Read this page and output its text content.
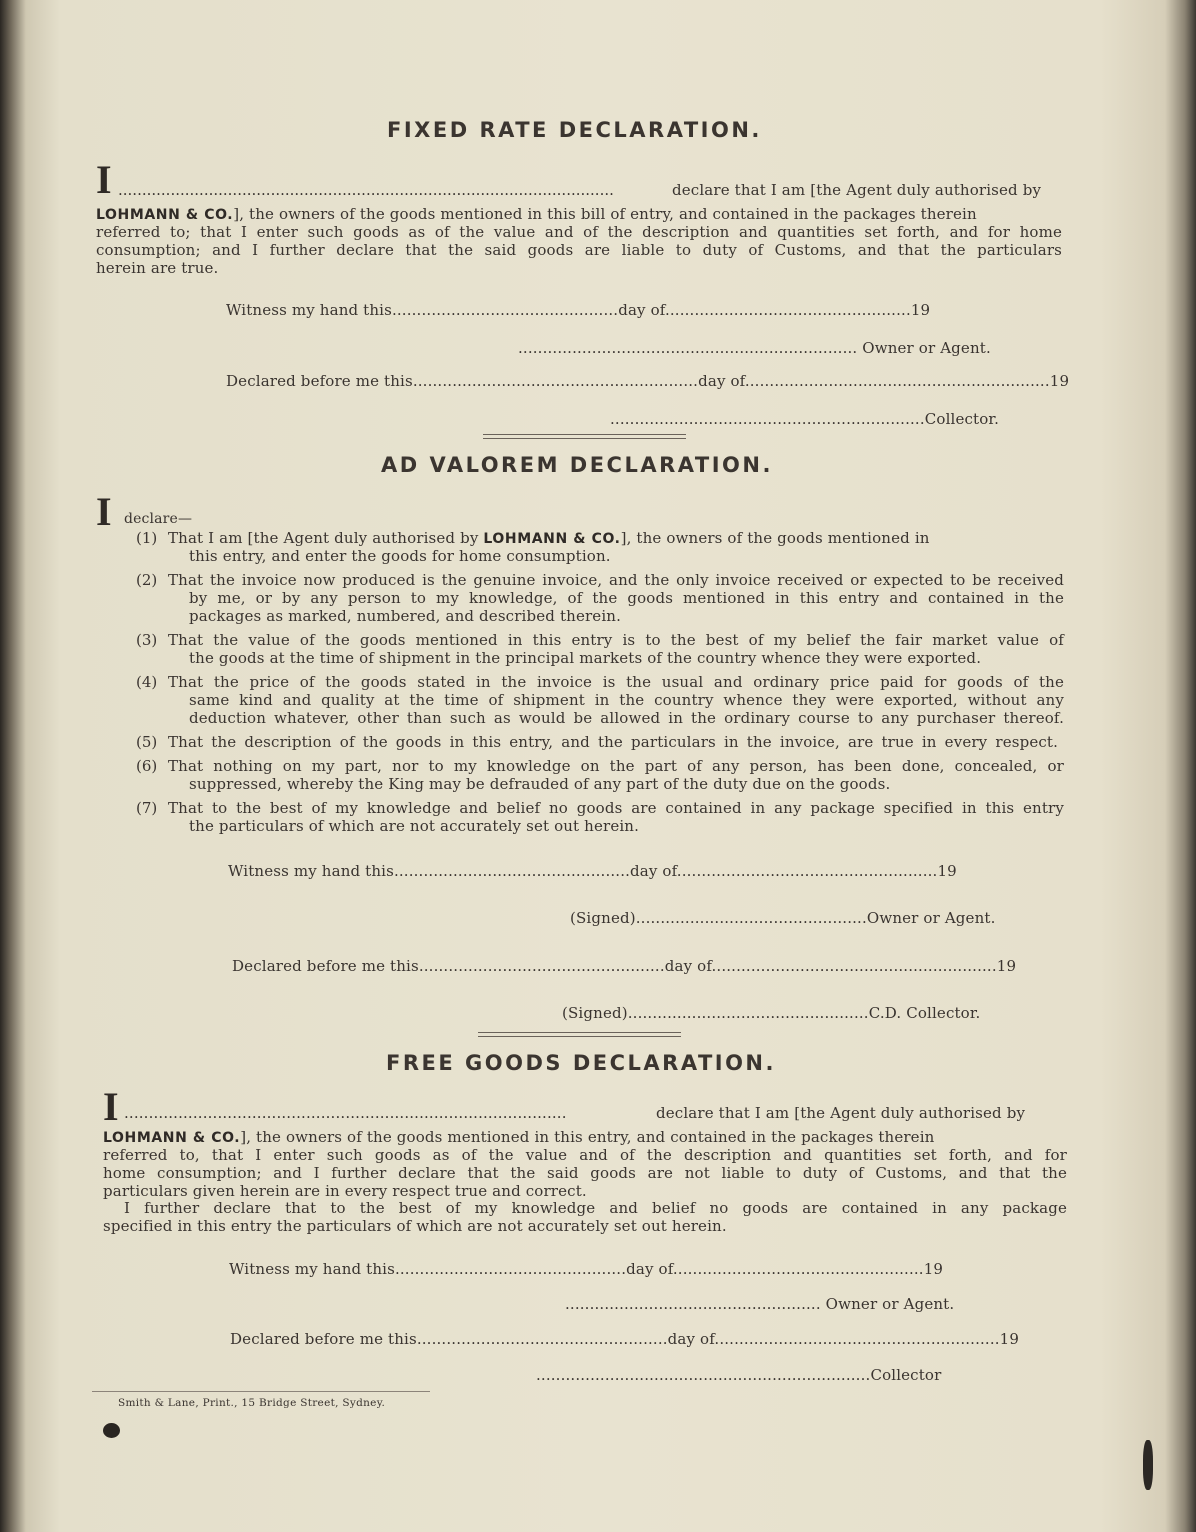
FIXED RATE DECLARATION.
I ........................................................................................................	declare that I am [the Agent duly authorised by
LOHMANN & CO.], the owners of the goods mentioned in this bill of entry, and contained in the packages therein
referred to; that I enter such goods as of the value and of the description and quantities set forth, and for home
consumption; and I further declare that the said goods are liable to duty of Customs, and that the particulars
herein are true.
Witness my hand this..............................................day of..................................................19
..................................................................... Owner or Agent.
Declared before me this..........................................................day of..............................................................19
................................................................Collector.
AD VALOREM DECLARATION.
I declare—
(1) That I am [the Agent duly authorised by LOHMANN & CO.], the owners of the goods mentioned in
this entry, and enter the goods for home consumption.
(2) That the invoice now produced is the genuine invoice, and the only invoice received or expected to be received
by me, or by any person to my knowledge, of the goods mentioned in this entry and contained in the
packages as marked, numbered, and described therein.
(3) That the value of the goods mentioned in this entry is to the best of my belief the fair market value of
the goods at the time of shipment in the principal markets of the country whence they were exported.
(4) That the price of the goods stated in the invoice is the usual and ordinary price paid for goods of the
same kind and quality at the time of shipment in the country whence they were exported, without any
deduction whatever, other than such as would be allowed in the ordinary course to any purchaser thereof.
(5) That the description of the goods in this entry, and the particulars in the invoice, are true in every respect.
(6) That nothing on my part, nor to my knowledge on the part of any person, has been done, concealed, or
suppressed, whereby the King may be defrauded of any part of the duty due on the goods.
(7) That to the best of my knowledge and belief no goods are contained in any package specified in this entry
the particulars of which are not accurately set out herein.
Witness my hand this................................................day of.....................................................19
(Signed)...............................................Owner or Agent.
Declared before me this..................................................day of..........................................................19
(Signed).................................................C.D. Collector.
FREE GOODS DECLARATION.
I ..........................................................................................	declare that I am [the Agent duly authorised by
LOHMANN & CO.], the owners of the goods mentioned in this entry, and contained in the packages therein
referred to, that I enter such goods as of the value and of the description and quantities set forth, and for
home consumption; and I further declare that the said goods are not liable to duty of Customs, and that the
particulars given herein are in every respect true and correct.
I further declare that to the best of my knowledge and belief no goods are contained in any package
specified in this entry the particulars of which are not accurately set out herein.
Witness my hand this...............................................day of...................................................19
.................................................... Owner or Agent.
Declared before me this...................................................day of..........................................................19
....................................................................Collector
Smith & Lane, Print., 15 Bridge Street, Sydney.
